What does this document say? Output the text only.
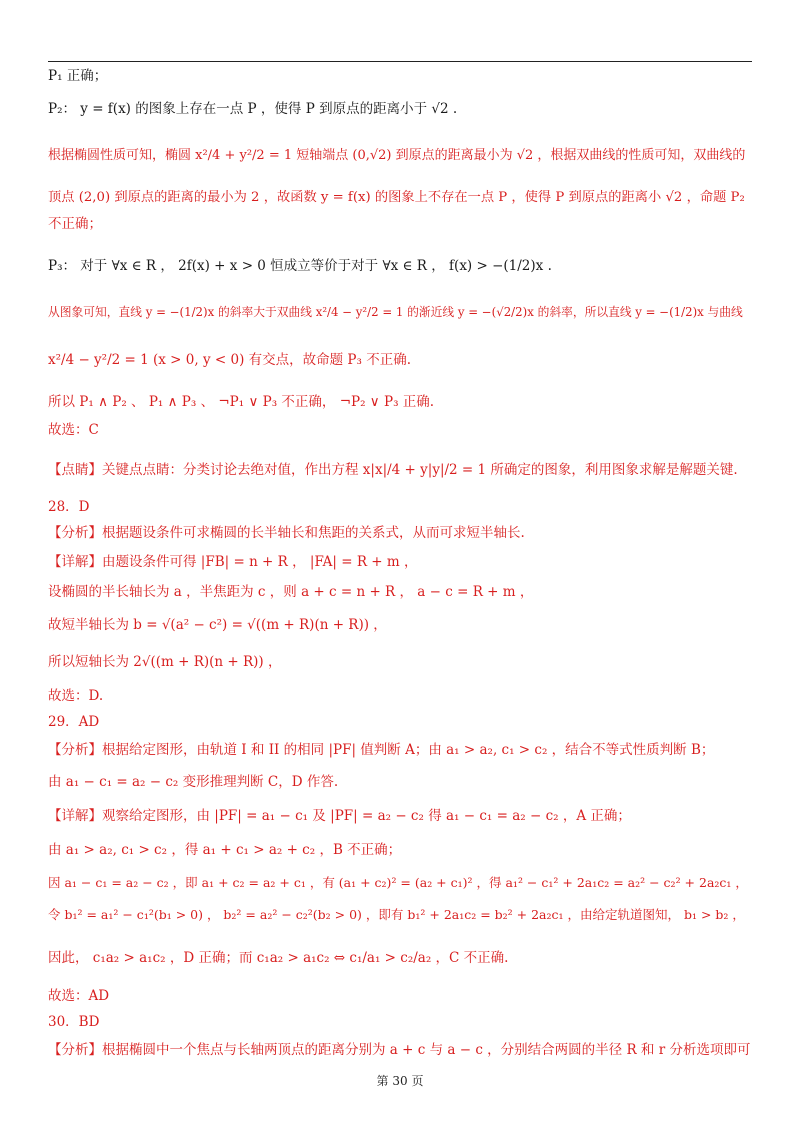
P₁ 正确；
P₂： y = f(x) 的图象上存在一点 P ，使得 P 到原点的距离小于 √2 .
根据椭圆性质可知，椭圆 x²/4 + y²/2 = 1 短轴端点 (0,√2) 到原点的距离最小为 √2 ，根据双曲线的性质可知，双曲线的
顶点 (2,0) 到原点的距离的最小为 2 ，故函数 y = f(x) 的图象上不存在一点 P ，使得 P 到原点的距离小 √2 ，命题 P₂
不正确；
P₃： 对于 ∀x ∈ R ， 2f(x) + x > 0 恒成立等价于对于 ∀x ∈ R ， f(x) > −(1/2)x .
从图象可知，直线 y = −(1/2)x 的斜率大于双曲线 x²/4 − y²/2 = 1 的渐近线 y = −(√2/2)x 的斜率，所以直线 y = −(1/2)x 与曲线
x²/4 − y²/2 = 1 (x > 0, y < 0) 有交点，故命题 P₃ 不正确.
所以 P₁ ∧ P₂ 、 P₁ ∧ P₃ 、 ¬P₁ ∨ P₃ 不正确， ¬P₂ ∨ P₃ 正确.
故选：C
【点睛】关键点点睛：分类讨论去绝对值，作出方程 x|x|/4 + y|y|/2 = 1 所确定的图象，利用图象求解是解题关键.
28．D
【分析】根据题设条件可求椭圆的长半轴长和焦距的关系式，从而可求短半轴长.
【详解】由题设条件可得 |FB| = n + R ， |FA| = R + m ，
设椭圆的半长轴长为 a ，半焦距为 c ，则 a + c = n + R ， a − c = R + m ，
故短半轴长为 b = √(a² − c²) = √((m + R)(n + R)) ，
所以短轴长为 2√((m + R)(n + R)) ，
故选：D.
29．AD
【分析】根据给定图形，由轨道 I 和 II 的相同 |PF| 值判断 A；由 a₁ > a₂, c₁ > c₂ ，结合不等式性质判断 B；
由 a₁ − c₁ = a₂ − c₂ 变形推理判断 C，D 作答.
【详解】观察给定图形，由 |PF| = a₁ − c₁ 及 |PF| = a₂ − c₂ 得 a₁ − c₁ = a₂ − c₂ ，A 正确；
由 a₁ > a₂, c₁ > c₂ ，得 a₁ + c₁ > a₂ + c₂ ，B 不正确；
因 a₁ − c₁ = a₂ − c₂ ，即 a₁ + c₂ = a₂ + c₁ ，有 (a₁ + c₂)² = (a₂ + c₁)² ，得 a₁² − c₁² + 2a₁c₂ = a₂² − c₂² + 2a₂c₁ ，
令 b₁² = a₁² − c₁²(b₁ > 0) ， b₂² = a₂² − c₂²(b₂ > 0) ，即有 b₁² + 2a₁c₂ = b₂² + 2a₂c₁ ，由给定轨道图知， b₁ > b₂ ，
因此， c₁a₂ > a₁c₂ ，D 正确；而 c₁a₂ > a₁c₂ ⇔ c₁/a₁ > c₂/a₂ ，C 不正确.
故选：AD
30．BD
【分析】根据椭圆中一个焦点与长轴两顶点的距离分别为 a + c 与 a − c ，分别结合两圆的半径 R 和 r 分析选项即可
第 30 页
